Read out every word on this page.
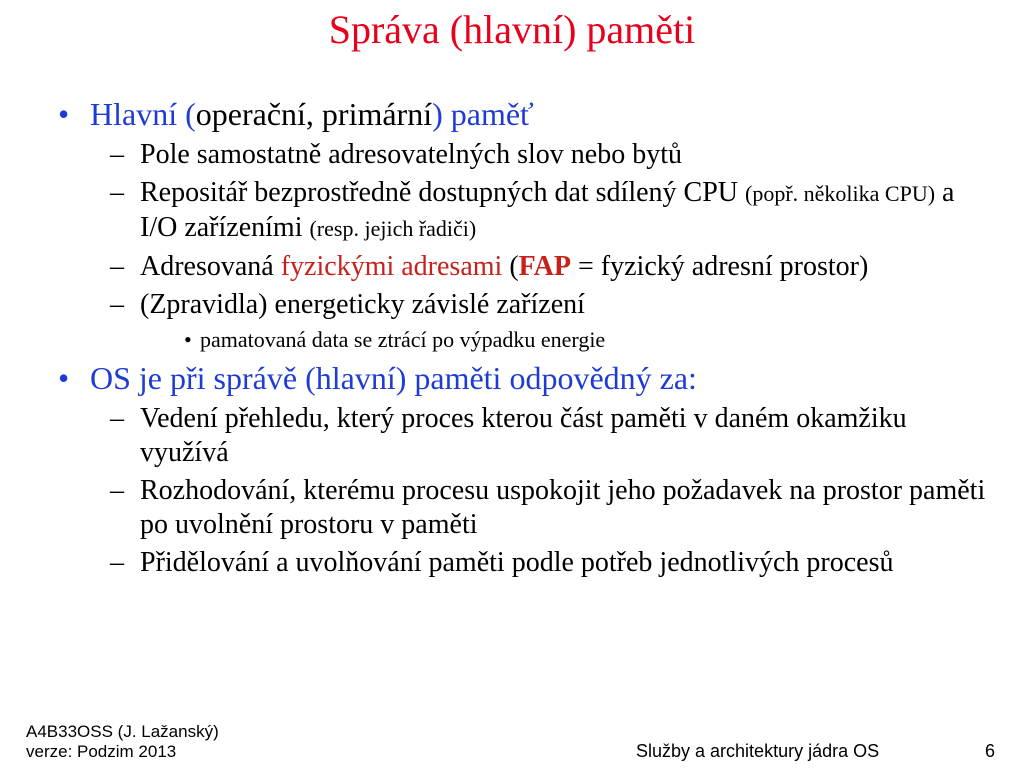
Správa (hlavní) paměti
• Hlavní (operační, primární) paměť
– Pole samostatně adresovatelných slov nebo bytů
– Repositář bezprostředně dostupných dat sdílený CPU (popř. několika CPU) a I/O zařízeními (resp. jejich řadiči)
– Adresovaná fyzickými adresami (FAP = fyzický adresní prostor)
– (Zpravidla) energeticky závislé zařízení
• pamatovaná data se ztrácí po výpadku energie
• OS je při správě (hlavní) paměti odpovědný za:
– Vedení přehledu, který proces kterou část paměti v daném okamžiku využívá
– Rozhodování, kterému procesu uspokojit jeho požadavek na prostor paměti po uvolnění prostoru v paměti
– Přidělování a uvolňování paměti podle potřeb jednotlivých procesů
A4B33OSS (J. Lažanský)
verze: Podzim 2013	Služby a architektury jádra OS	6
